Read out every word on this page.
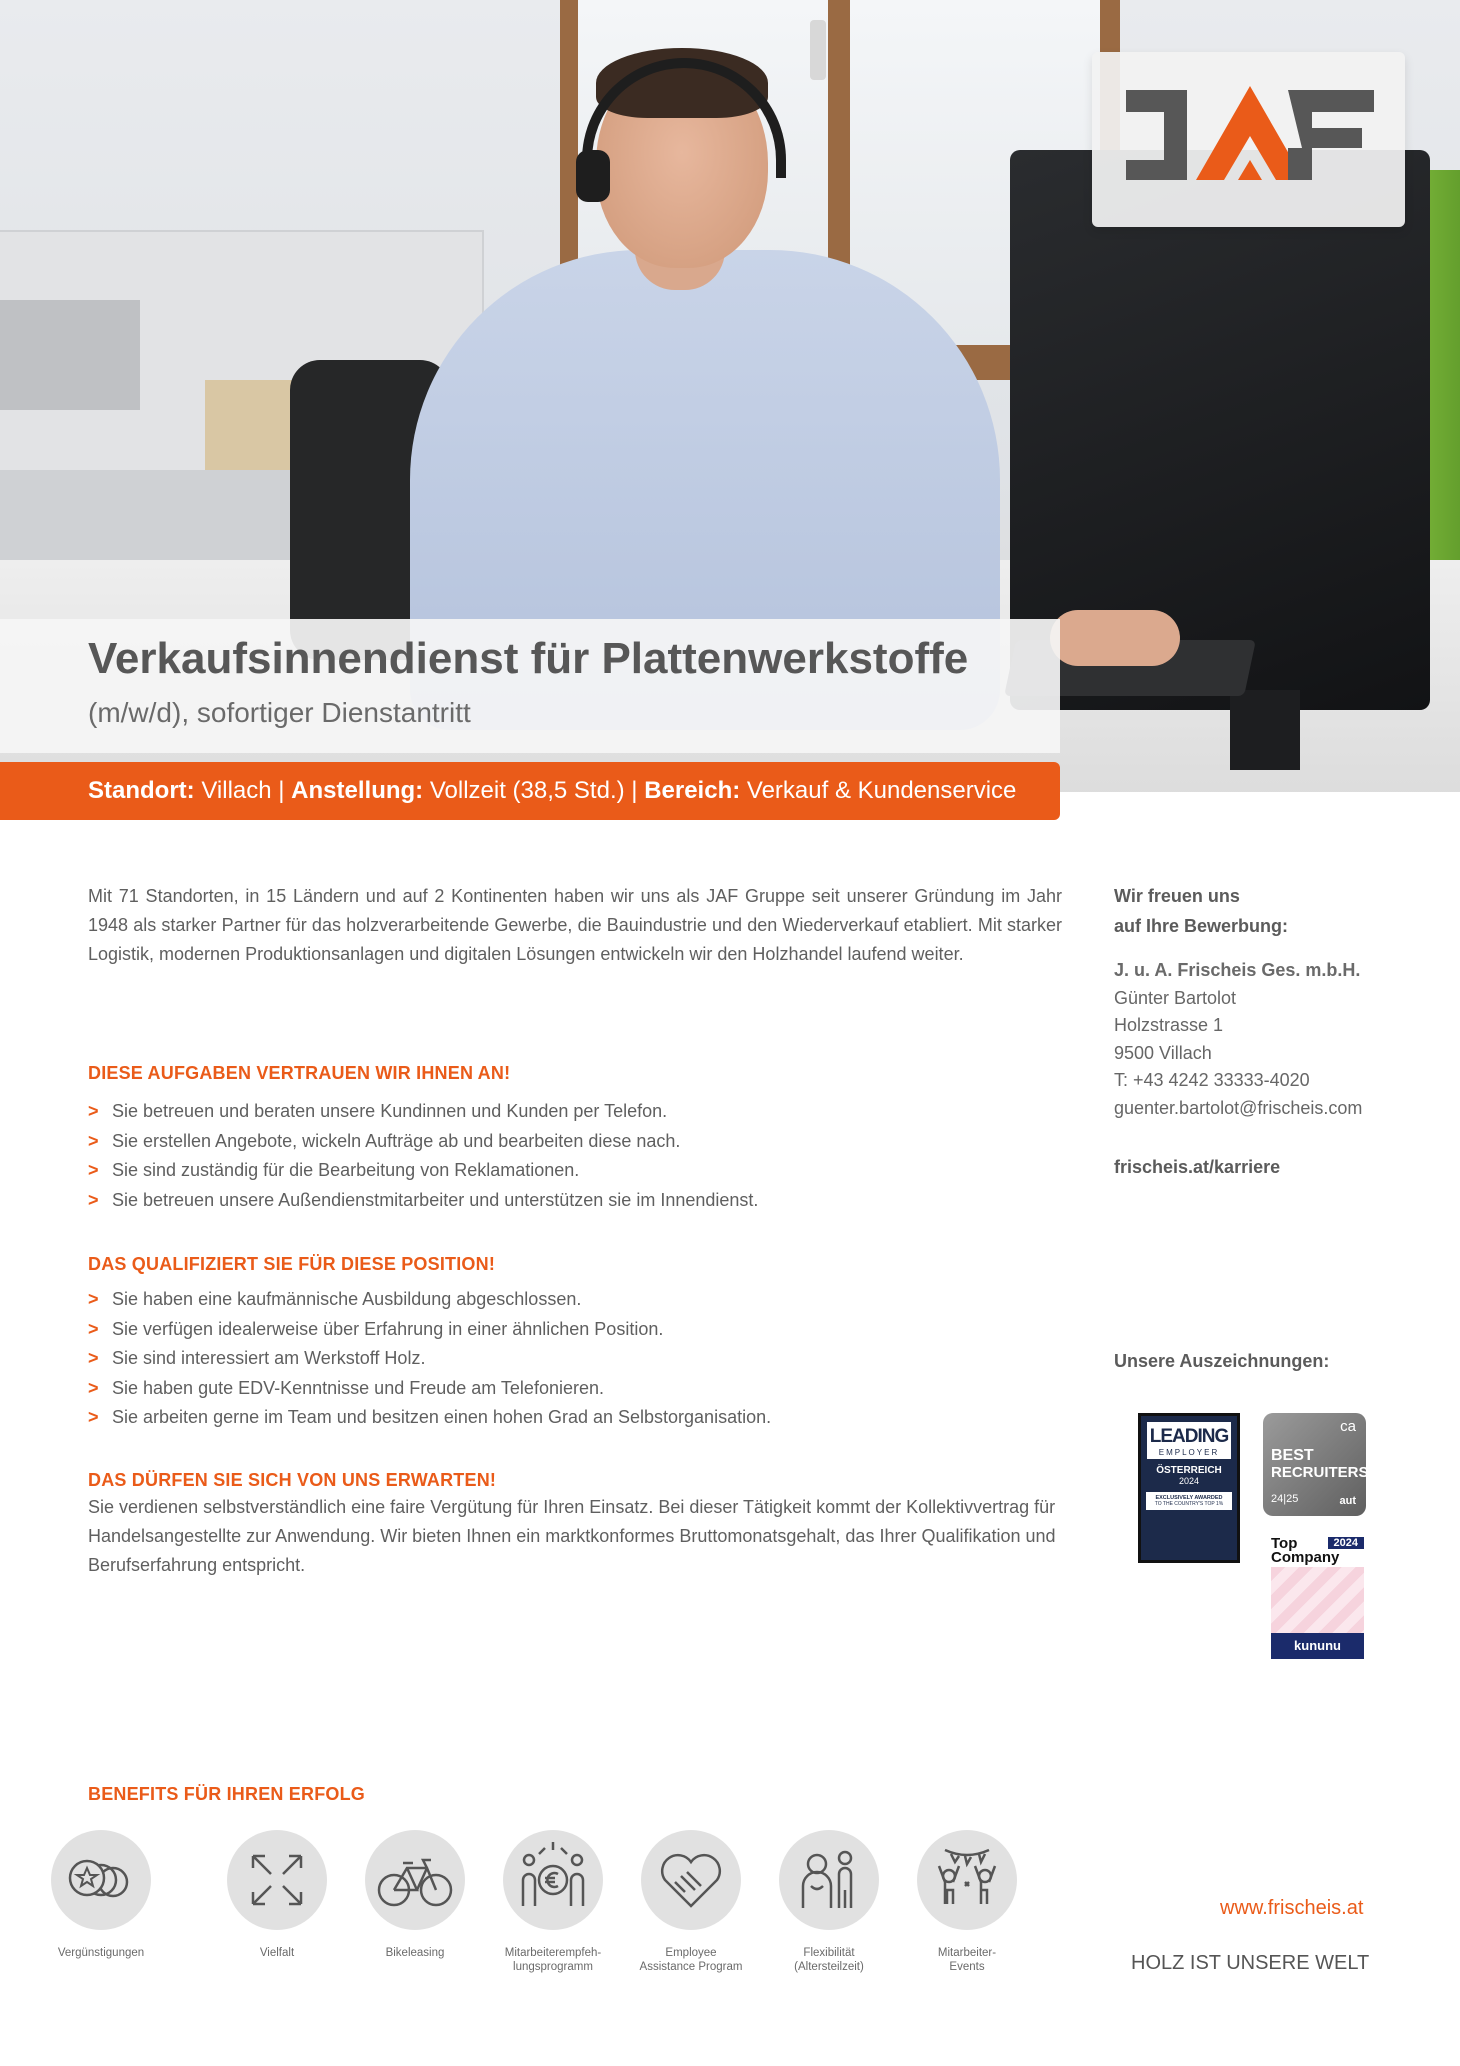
Verkaufsinnendienst für Plattenwerkstoffe
(m/w/d), sofortiger Dienstantritt
Standort: Villach | Anstellung: Vollzeit (38,5 Std.) | Bereich: Verkauf & Kundenservice

Mit 71 Standorten, in 15 Ländern und auf 2 Kontinenten haben wir uns als JAF Gruppe seit unserer Gründung im Jahr 1948 als starker Partner für das holzverarbeitende Gewerbe, die Bauindustrie und den Wiederverkauf etabliert. Mit starker Logistik, modernen Produktionsanlagen und digitalen Lösungen entwickeln wir den Holzhandel laufend weiter.

DIESE AUFGABEN VERTRAUEN WIR IHNEN AN!
> Sie betreuen und beraten unsere Kundinnen und Kunden per Telefon.
> Sie erstellen Angebote, wickeln Aufträge ab und bearbeiten diese nach.
> Sie sind zuständig für die Bearbeitung von Reklamationen.
> Sie betreuen unsere Außendienstmitarbeiter und unterstützen sie im Innendienst.
DAS QUALIFIZIERT SIE FÜR DIESE POSITION!
> Sie haben eine kaufmännische Ausbildung abgeschlossen.
> Sie verfügen idealerweise über Erfahrung in einer ähnlichen Position.
> Sie sind interessiert am Werkstoff Holz.
> Sie haben gute EDV-Kenntnisse und Freude am Telefonieren.
> Sie arbeiten gerne im Team und besitzen einen hohen Grad an Selbstorganisation.
DAS DÜRFEN SIE SICH VON UNS ERWARTEN!

Sie verdienen selbstverständlich eine faire Vergütung für Ihren Einsatz. Bei dieser Tätigkeit kommt der Kollektivvertrag für Handelsangestellte zur Anwendung. Wir bieten Ihnen ein marktkonformes Bruttomonatsgehalt, das Ihrer Qualifikation und Berufserfahrung entspricht.

Wir freuen uns
auf Ihre Bewerbung:
J. u. A. Frischeis Ges. m.b.H.
Günter Bartolot
Holzstrasse 1
9500 Villach
T: +43 4242 33333-4020
guenter.bartolot@frischeis.com
frischeis.at/karriere
Unsere Auszeichnungen:
LEADING
EMPLOYER
ÖSTERREICH
2024
EXCLUSIVELY AWARDED
TO THE COUNTRY'S TOP 1%
ca
BEST
RECRUITERS
24|25	aut
Top	2024
Company
kununu
BENEFITS FÜR IHREN ERFOLG
Vergünstigungen	Vielfalt	Bikeleasing	Mitarbeiterempfeh-
lungsprogramm
Employee
Assistance Program
Flexibilität
(Altersteilzeit)
Mitarbeiter-
Events
www.frischeis.at
HOLZ IST UNSERE WELT
